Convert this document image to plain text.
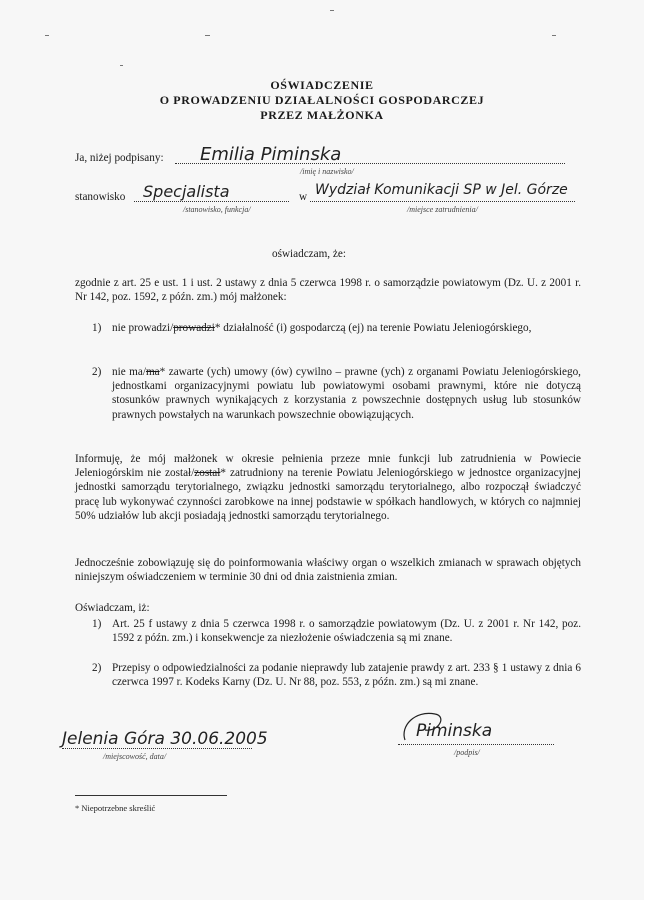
OŚWIADCZENIE
O PROWADZENIU DZIAŁALNOŚCI GOSPODARCZEJ
PRZEZ MAŁŻONKA
Ja, niżej podpisany: Emilia Piminska
/imię i nazwisko/
stanowisko Specjalista	w Wydział Komunikacji SP w Jel. Górze
/stanowisko, funkcja/	/miejsce zatrudnienia/
oświadczam, że:
zgodnie z art. 25 e ust. 1 i ust. 2 ustawy z dnia 5 czerwca 1998 r. o samorządzie powiatowym (Dz. U. z 2001 r. Nr 142, poz. 1592, z późn. zm.) mój małżonek:
1) nie prowadzi/prowadzi* działalność (i) gospodarczą (ej) na terenie Powiatu Jeleniogórskiego,
2) nie ma/ma* zawarte (ych) umowy (ów) cywilno – prawne (ych) z organami Powiatu Jeleniogórskiego, jednostkami organizacyjnymi powiatu lub powiatowymi osobami prawnymi, które nie dotyczą stosunków prawnych wynikających z korzystania z powszechnie dostępnych usług lub stosunków prawnych powstałych na warunkach powszechnie obowiązujących.
Informuję, że mój małżonek w okresie pełnienia przeze mnie funkcji lub zatrudnienia w Powiecie Jeleniogórskim nie został/został* zatrudniony na terenie Powiatu Jeleniogórskiego w jednostce organizacyjnej jednostki samorządu terytorialnego, związku jednostki samorządu terytorialnego, albo rozpoczął świadczyć pracę lub wykonywać czynności zarobkowe na innej podstawie w spółkach handlowych, w których co najmniej 50% udziałów lub akcji posiadają jednostki samorządu terytorialnego.
Jednocześnie zobowiązuję się do poinformowania właściwy organ o wszelkich zmianach w sprawach objętych niniejszym oświadczeniem w terminie 30 dni od dnia zaistnienia zmian.
Oświadczam, iż:
1) Art. 25 f ustawy z dnia 5 czerwca 1998 r. o samorządzie powiatowym (Dz. U. z 2001 r. Nr 142, poz. 1592 z późn. zm.) i konsekwencje za niezłożenie oświadczenia są mi znane.
2) Przepisy o odpowiedzialności za podanie nieprawdy lub zatajenie prawdy z art. 233 § 1 ustawy z dnia 6 czerwca 1997 r. Kodeks Karny (Dz. U. Nr 88, poz. 553, z późn. zm.) są mi znane.
Jelenia Góra 30.06.2005
/miejscowość, data/
Piminska
/podpis/
* Niepotrzebne skreślić
